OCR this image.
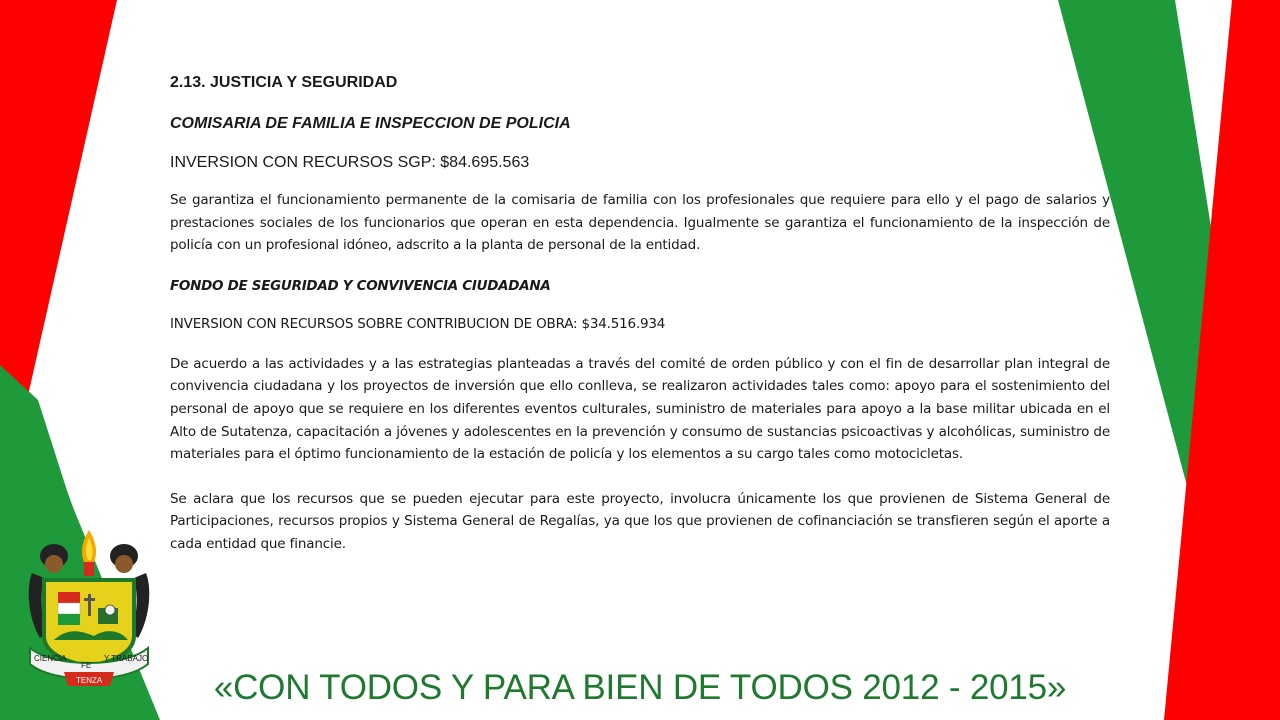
2.13. JUSTICIA Y SEGURIDAD

COMISARIA DE FAMILIA E INSPECCION DE POLICIA

INVERSION CON RECURSOS SGP: $84.695.563

Se garantiza el funcionamiento permanente de la comisaria de familia con los profesionales que requiere para ello y el pago de salarios y prestaciones sociales de los funcionarios que operan en esta dependencia. Igualmente se garantiza el funcionamiento de la inspección de policía con un profesional idóneo, adscrito a la planta de personal de la entidad.

FONDO DE SEGURIDAD Y CONVIVENCIA CIUDADANA

INVERSION CON RECURSOS SOBRE CONTRIBUCION DE OBRA: $34.516.934

De acuerdo a las actividades y a las estrategias planteadas a través del comité de orden público y con el fin de desarrollar plan integral de convivencia ciudadana y los proyectos de inversión que ello conlleva, se realizaron actividades tales como: apoyo para el sostenimiento del personal de apoyo que se requiere en los diferentes eventos culturales, suministro de materiales para apoyo a la base militar ubicada en el Alto de Sutatenza, capacitación a jóvenes y adolescentes en la prevención y consumo de sustancias psicoactivas y alcohólicas, suministro de materiales para el óptimo funcionamiento de la estación de policía y los elementos a su cargo tales como motocicletas.

Se aclara que los recursos que se pueden ejecutar para este proyecto, involucra únicamente los que provienen de Sistema General de Participaciones, recursos propios y Sistema General de Regalías, ya que los que provienen de cofinanciación se transfieren según el aporte a cada entidad que financie.

CIENCIA
FE
Y TRABAJO
TENZA	«CON TODOS Y PARA BIEN DE TODOS 2012 - 2015»
